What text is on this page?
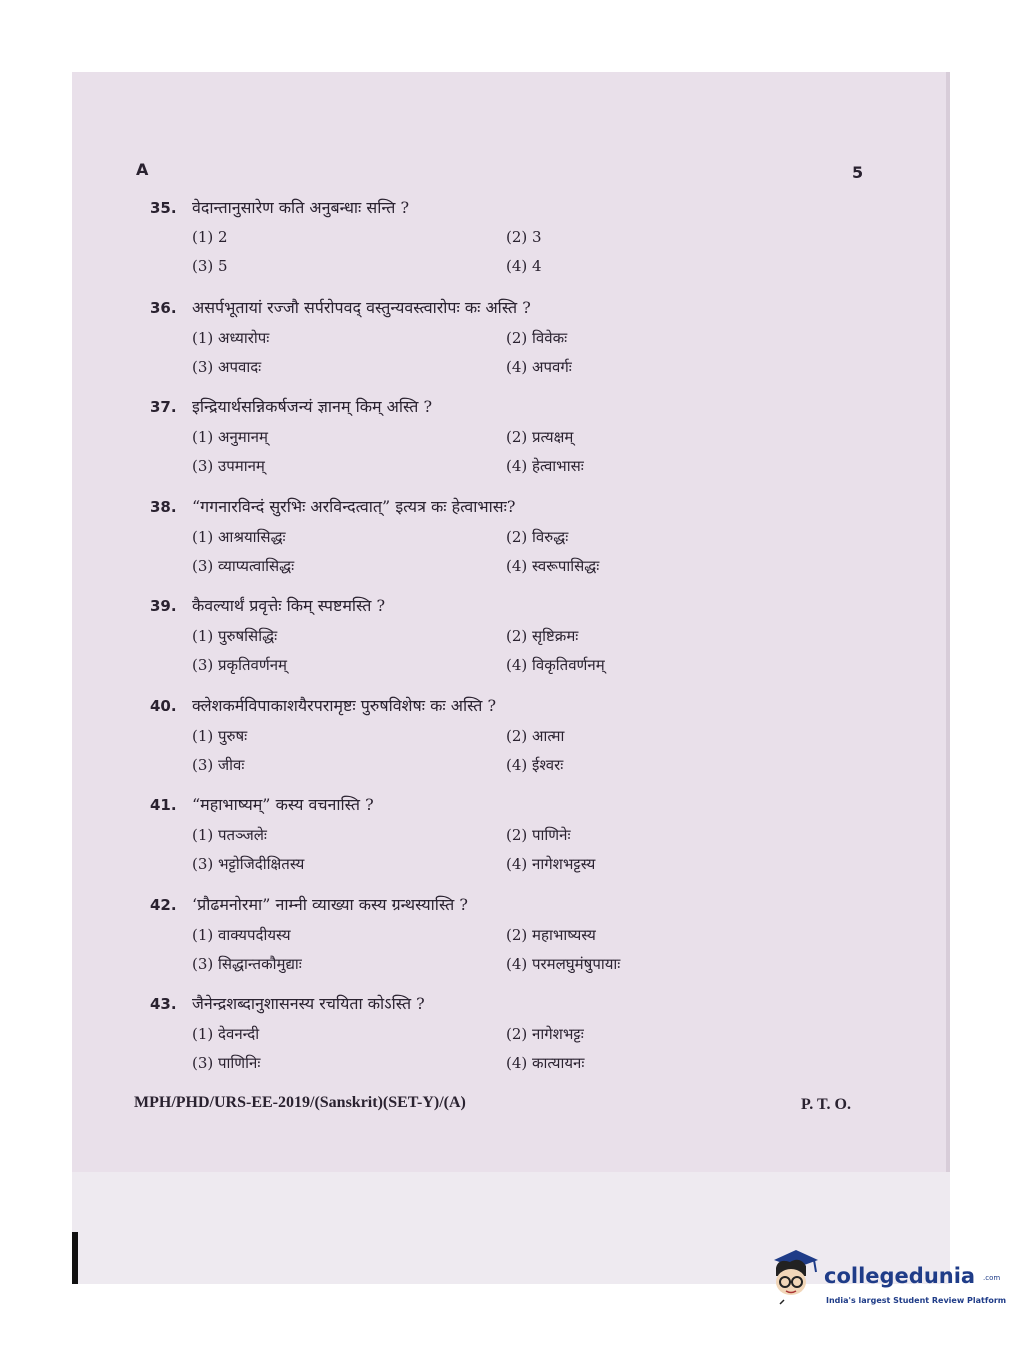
A	5
35. वेदान्तानुसारेण कति अनुबन्धाः सन्ति ?
(1) 2	(2) 3
(3) 5	(4) 4
36. असर्पभूतायां रज्जौ सर्परोपवद् वस्तुन्यवस्त्वारोपः कः अस्ति ?
(1) अध्यारोपः	(2) विवेकः
(3) अपवादः	(4) अपवर्गः
37. इन्द्रियार्थसन्निकर्षजन्यं ज्ञानम् किम् अस्ति ?
(1) अनुमानम्	(2) प्रत्यक्षम्
(3) उपमानम्	(4) हेत्वाभासः
38. “गगनारविन्दं सुरभिः अरविन्दत्वात्” इत्यत्र कः हेत्वाभासः?
(1) आश्रयासिद्धः	(2) विरुद्धः
(3) व्याप्यत्वासिद्धः	(4) स्वरूपासिद्धः
39. कैवल्यार्थं प्रवृत्तेः किम् स्पष्टमस्ति ?
(1) पुरुषसिद्धिः	(2) सृष्टिक्रमः
(3) प्रकृतिवर्णनम्	(4) विकृतिवर्णनम्
40. क्लेशकर्मविपाकाशयैरपरामृष्टः पुरुषविशेषः कः अस्ति ?
(1) पुरुषः	(2) आत्मा
(3) जीवः	(4) ईश्वरः
41. “महाभाष्यम्” कस्य वचनास्ति ?
(1) पतञ्जलेः	(2) पाणिनेः
(3) भट्टोजिदीक्षितस्य	(4) नागेशभट्टस्य
42. ‘प्रौढमनोरमा” नाम्नी व्याख्या कस्य ग्रन्थस्यास्ति ?
(1) वाक्यपदीयस्य	(2) महाभाष्यस्य
(3) सिद्धान्तकौमुद्याः	(4) परमलघुमंषुपायाः
43. जैनेन्द्रशब्दानुशासनस्य रचयिता कोऽस्ति ?
(1) देवनन्दी	(2) नागेशभट्टः
(3) पाणिनिः	(4) कात्यायनः
MPH/PHD/URS-EE-2019/(Sanskrit)(SET-Y)/(A)	P. T. O.
collegedunia .com
India's largest Student Review Platform
